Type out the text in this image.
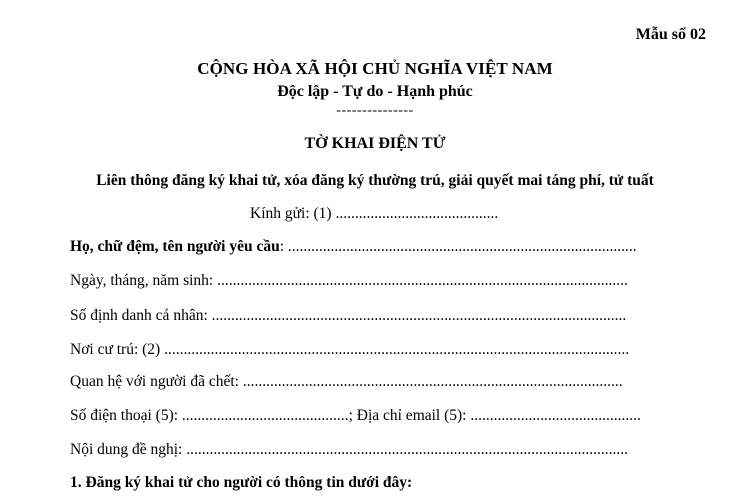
Mẫu số 02
CỘNG HÒA XÃ HỘI CHỦ NGHĨA VIỆT NAM
Độc lập - Tự do - Hạnh phúc
---------------
TỜ KHAI ĐIỆN TỬ
Liên thông đăng ký khai tử, xóa đăng ký thường trú, giải quyết mai táng phí, tử tuất
Kính gửi: (1) ..........................................
Họ, chữ đệm, tên người yêu cầu: ..........................................................................................
Ngày, tháng, năm sinh: ..........................................................................................................
Số định danh cá nhân: ...........................................................................................................
Nơi cư trú: (2) ........................................................................................................................
Quan hệ với người đã chết: ..................................................................................................
Số điện thoại (5): ...........................................; Địa chỉ email (5): ............................................
Nội dung đề nghị: ..................................................................................................................
1. Đăng ký khai tử cho người có thông tin dưới đây:
